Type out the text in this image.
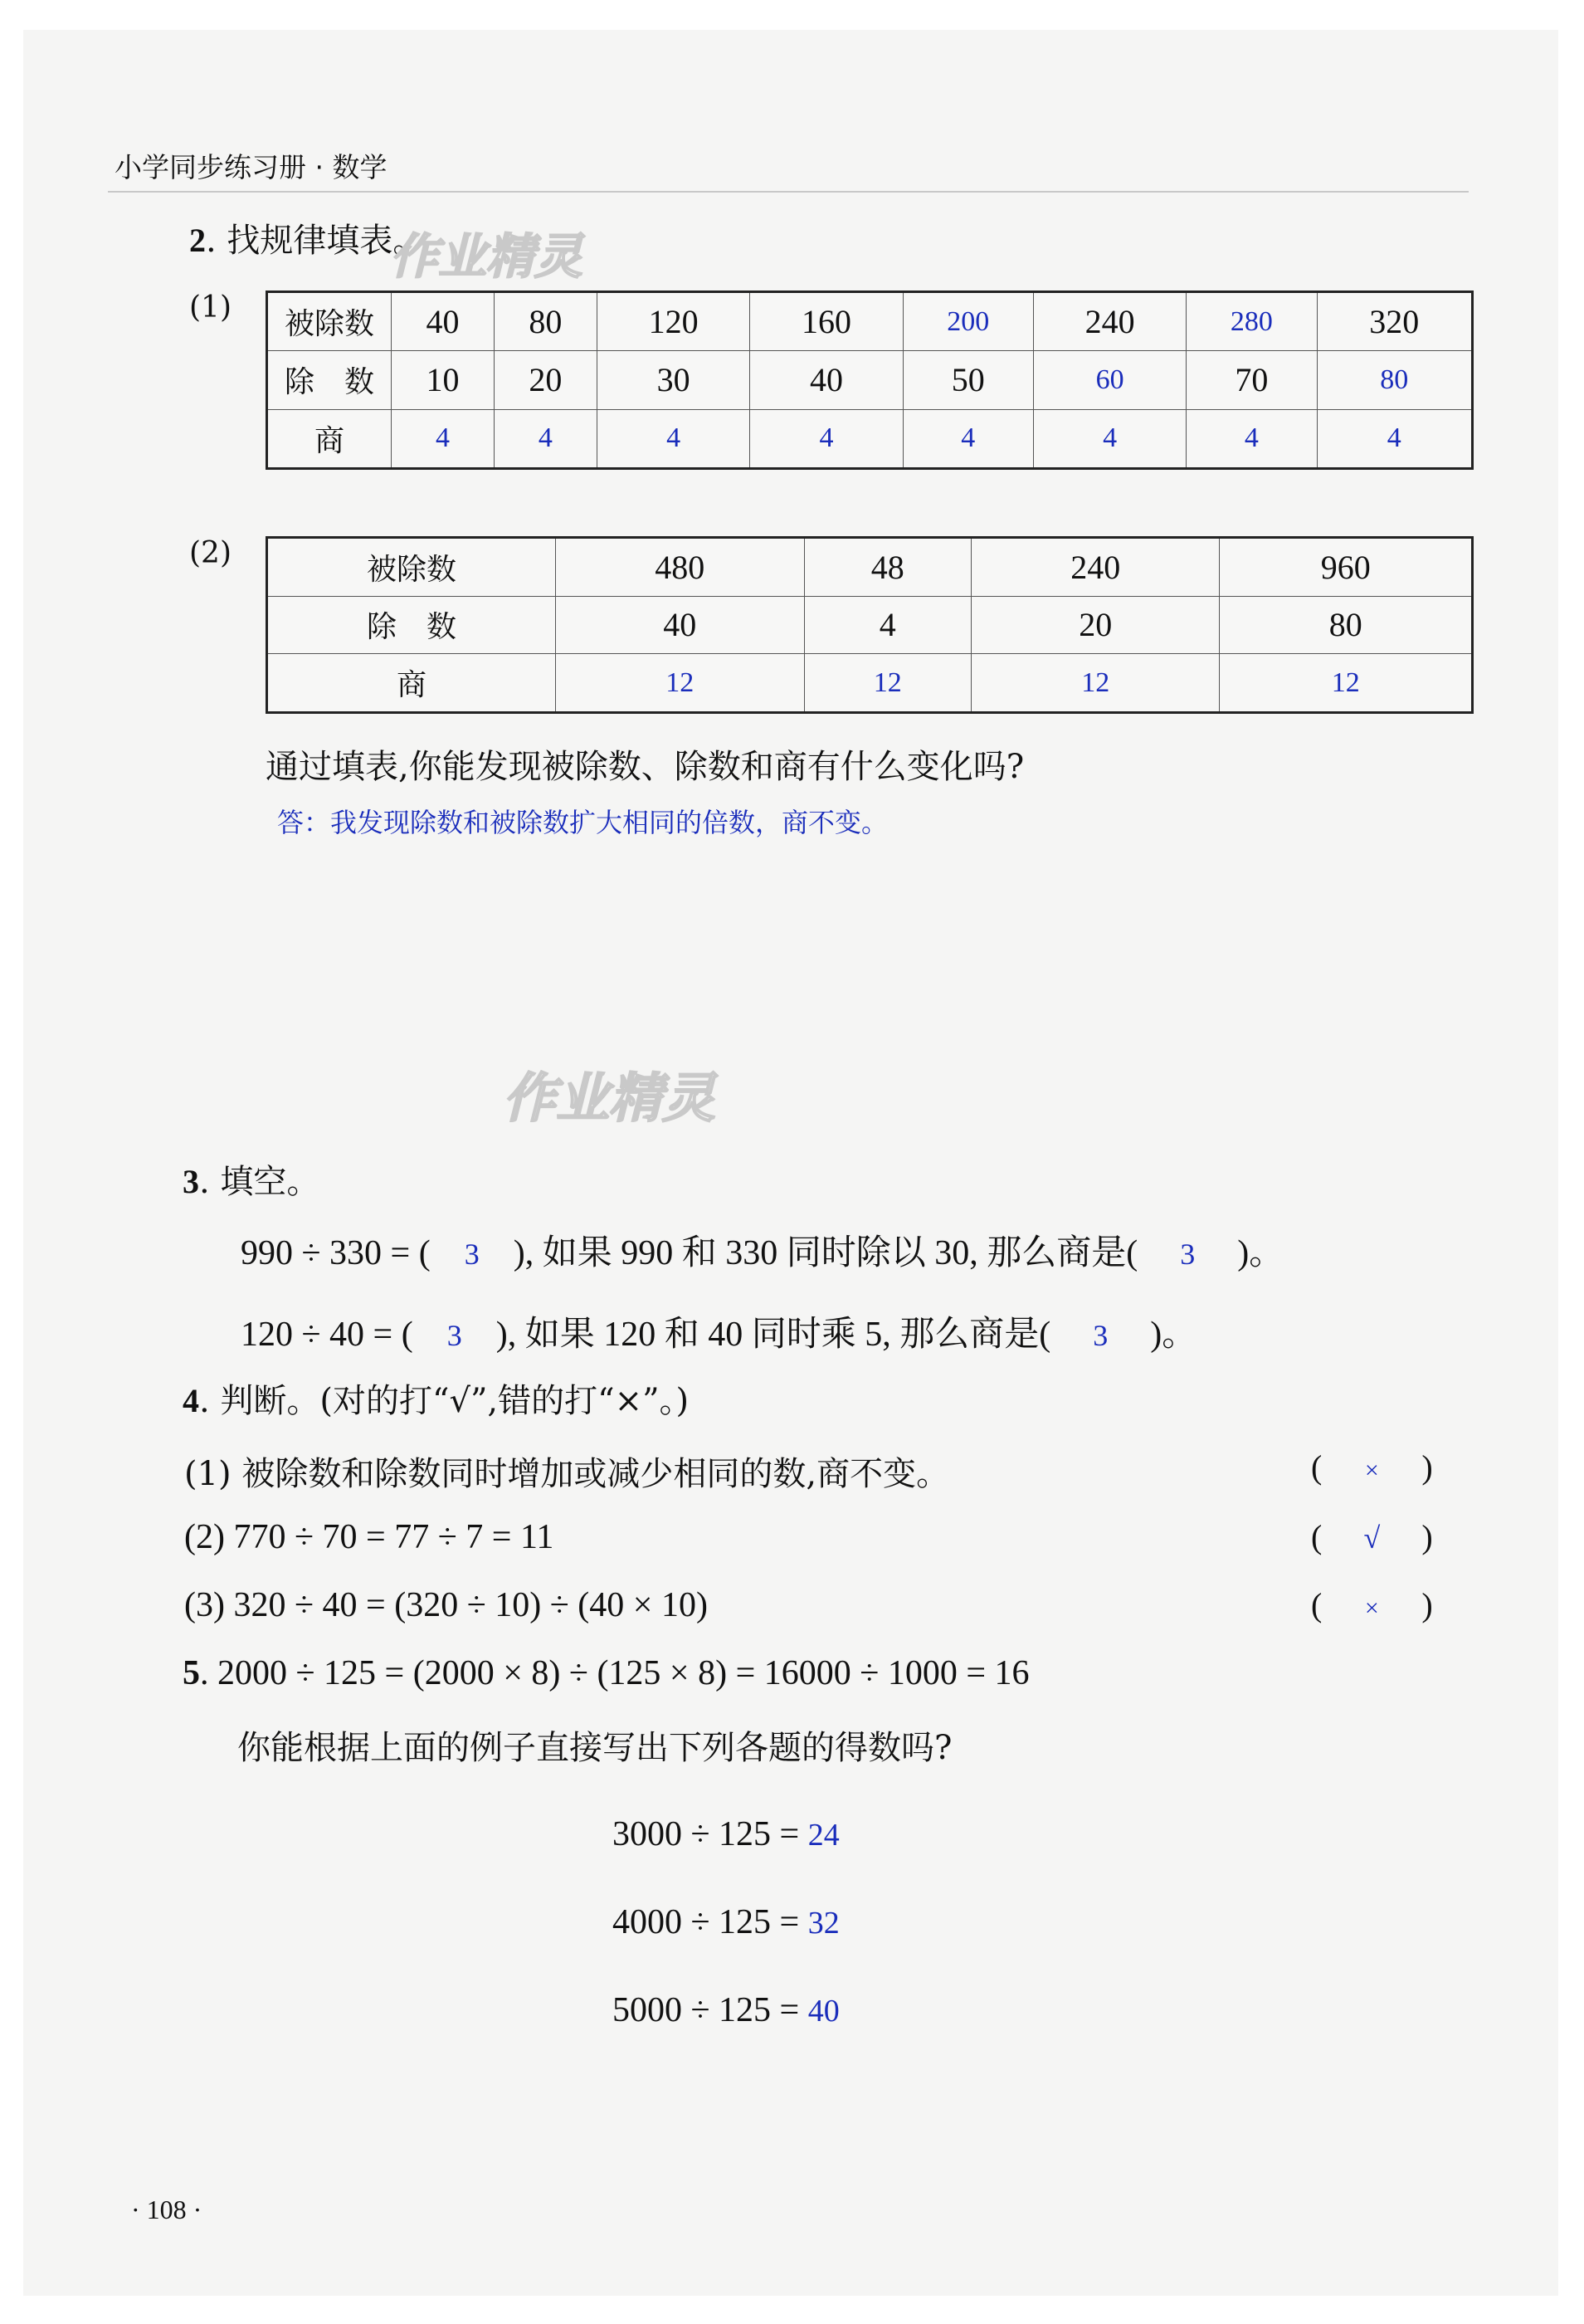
小学同步练习册 · 数学
2. 找规律填表。
作业精灵
(1) 被除数	40	80	120	160	200	240	280	320
除　数	10	20	30	40	50	60	70	80
商	4	4	4	4	4	4	4	4
(2)	被除数	480	48	240	960
除　数	40	4	20	80
商	12	12	12	12
通过填表,你能发现被除数、除数和商有什么变化吗?
答：我发现除数和被除数扩大相同的倍数，商不变。
作业精灵
3. 填空。
990 ÷ 330 = ( 3 ), 如果 990 和 330 同时除以 30, 那么商是( 3 )。
120 ÷ 40 = ( 3 ), 如果 120 和 40 同时乘 5, 那么商是( 3 )。
4. 判断。(对的打“√”,错的打“×”。)
(1) 被除数和除数同时增加或减少相同的数,商不变。	( × )
(2) 770 ÷ 70 = 77 ÷ 7 = 11	( √ )
(3) 320 ÷ 40 = (320 ÷ 10) ÷ (40 × 10)	( × )
5. 2000 ÷ 125 = (2000 × 8) ÷ (125 × 8) = 16000 ÷ 1000 = 16
你能根据上面的例子直接写出下列各题的得数吗?
3000 ÷ 125 = 24
4000 ÷ 125 = 32
5000 ÷ 125 = 40
· 108 ·
